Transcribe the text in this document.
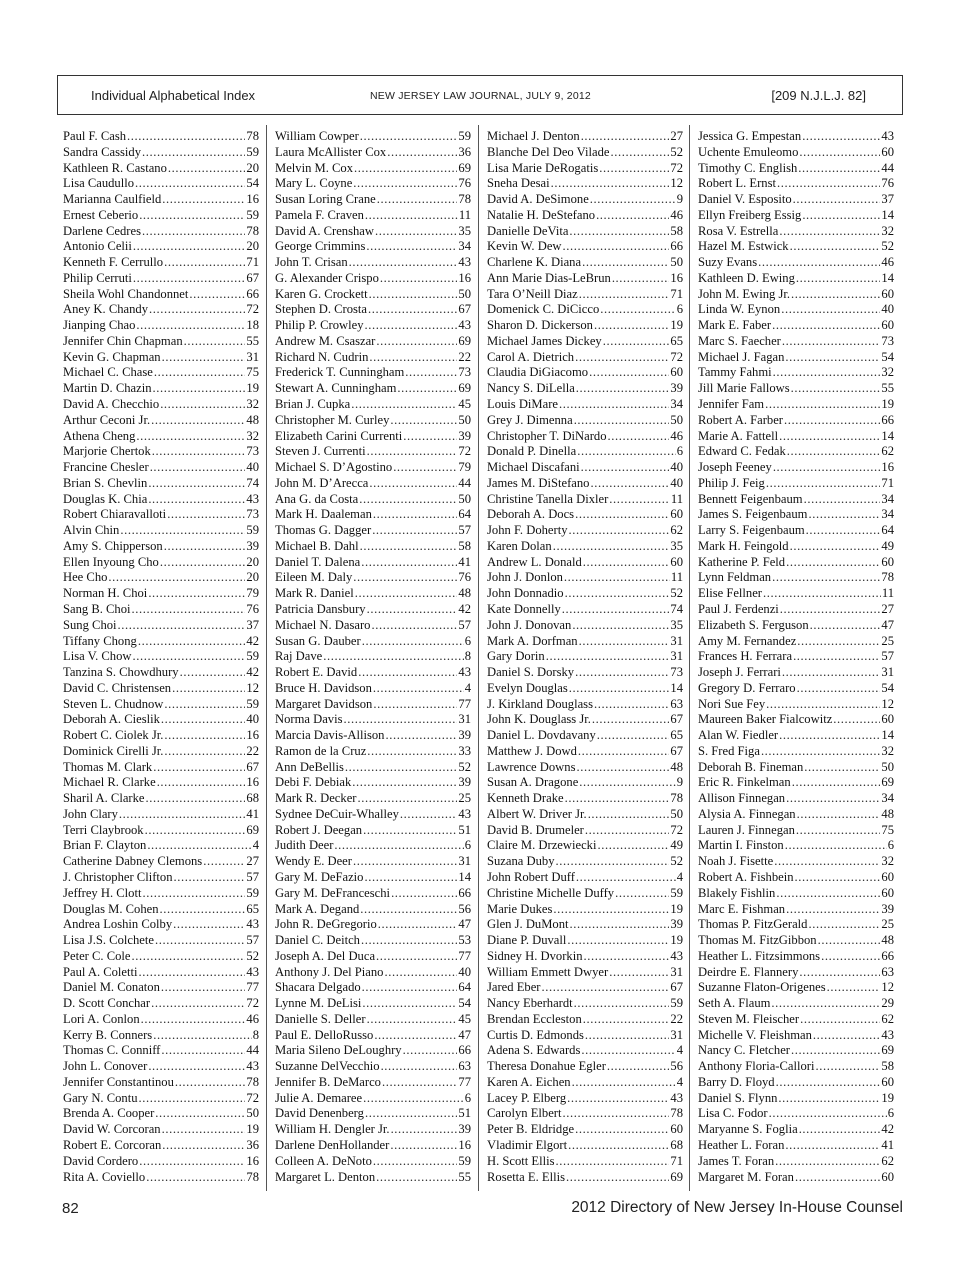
Individual Alphabetical Index	NEW JERSEY LAW JOURNAL, JULY 9, 2012	[209 N.J.L.J. 82]
Paul F. Cash .....	78
Sandra Cassidy .....	59
Kathleen R. Castano .....	20
Lisa Caudullo .....	54
Marianna Caulfield .....	16
Ernest Ceberio .....	59
Darlene Cedres .....	78
Antonio Celii .....	20
Kenneth F. Cerrullo .....	71
Philip Cerruti .....	67
Sheila Wohl Chandonnet .....	66
Aney K. Chandy .....	72
Jianping Chao .....	18
Jennifer Chin Chapman .....	55
Kevin G. Chapman .....	31
Michael C. Chase .....	75
Martin D. Chazin .....	19
David A. Checchio .....	32
Arthur Ceconi Jr. .....	48
Athena Cheng .....	32
Marjorie Chertok .....	73
Francine Chesler .....	40
Brian S. Chevlin .....	74
Douglas K. Chia .....	43
Robert Chiaravalloti .....	73
Alvin Chin .....	59
Amy S. Chipperson .....	39
Ellen Inyoung Cho .....	20
Hee Cho .....	20
Norman H. Choi .....	79
Sang B. Choi .....	76
Sung Choi .....	37
Tiffany Chong .....	42
Lisa V. Chow .....	59
Tanzina S. Chowdhury .....	42
David C. Christensen .....	12
Steven L. Chudnow .....	59
Deborah A. Cieslik .....	40
Robert C. Ciolek Jr. .....	16
Dominick Cirelli Jr. .....	22
Thomas M. Clark .....	67
Michael R. Clarke .....	16
Sharil A. Clarke .....	68
John Clary .....	41
Terri Claybrook .....	69
Brian F. Clayton .....	4
Catherine Dabney Clemons .....	27
J. Christopher Clifton .....	57
Jeffrey H. Clott .....	59
Douglas M. Cohen .....	65
Andrea Loshin Colby .....	43
Lisa J.S. Colchete .....	57
Peter C. Cole .....	52
Paul A. Coletti .....	43
Daniel M. Conaton .....	77
D. Scott Conchar .....	72
Lori A. Conlon .....	46
Kerry B. Conners .....	8
Thomas C. Conniff .....	44
John L. Conover .....	43
Jennifer Constantinou .....	78
Gary N. Contu .....	72
Brenda A. Cooper .....	50
David W. Corcoran .....	19
Robert E. Corcoran .....	36
David Cordero .....	16
Rita A. Coviello .....	78
William Cowper .....	59
Laura McAllister Cox .....	36
Melvin M. Cox .....	69
Mary L. Coyne .....	76
Susan Loring Crane .....	78
Pamela F. Craven .....	11
David A. Crenshaw .....	35
George Crimmins .....	34
John T. Crisan .....	43
G. Alexander Crispo .....	16
Karen G. Crockett .....	50
Stephen D. Crosta .....	67
Philip P. Crowley .....	43
Andrew M. Csaszar .....	69
Richard N. Cudrin .....	22
Frederick T. Cunningham .....	73
Stewart A. Cunningham .....	69
Brian J. Cupka .....	45
Christopher M. Curley .....	50
Elizabeth Carini Currenti .....	39
Steven J. Currenti .....	72
Michael S. D’Agostino .....	79
John M. D’Arecca .....	44
Ana G. da Costa .....	50
Mark H. Daaleman .....	64
Thomas G. Dagger .....	57
Michael B. Dahl .....	58
Daniel T. Dalena .....	41
Eileen M. Daly .....	76
Mark R. Daniel .....	48
Patricia Dansbury .....	42
Michael N. Dasaro .....	57
Susan G. Dauber .....	6
Raj Dave .....	8
Robert E. David .....	43
Bruce H. Davidson .....	4
Margaret Davidson .....	77
Norma Davis .....	31
Marcia Davis-Allison .....	39
Ramon de la Cruz .....	33
Ann DeBellis .....	52
Debi F. Debiak .....	39
Mark R. Decker .....	25
Sydnee DeCuir-Whalley .....	43
Robert J. Deegan .....	51
Judith Deer .....	6
Wendy E. Deer .....	31
Gary M. DeFazio .....	14
Gary M. DeFranceschi .....	66
Mark A. Degand .....	56
John R. DeGregorio .....	47
Daniel C. Deitch .....	53
Joseph A. Del Duca .....	77
Anthony J. Del Piano .....	40
Shacara Delgado .....	64
Lynne M. DeLisi .....	54
Danielle S. Deller .....	45
Paul E. DelloRusso .....	47
Maria Sileno DeLoughry .....	66
Suzanne DelVecchio .....	63
Jennifer B. DeMarco .....	77
Julie A. Demaree .....	6
David Denenberg .....	51
William H. Dengler Jr. .....	39
Darlene DenHollander .....	16
Colleen A. DeNoto .....	59
Margaret L. Denton .....	55
Michael J. Denton .....	27
Blanche Del Deo Vilade .....	52
Lisa Marie DeRogatis .....	72
Sneha Desai .....	12
David A. DeSimone .....	9
Natalie H. DeStefano .....	46
Danielle DeVita .....	58
Kevin W. Dew .....	66
Charlene K. Diana .....	50
Ann Marie Dias-LeBrun .....	16
Tara O’Neill Diaz .....	71
Domenick C. DiCicco .....	6
Sharon D. Dickerson .....	19
Michael James Dickey .....	65
Carol A. Dietrich .....	72
Claudia DiGiacomo .....	60
Nancy S. DiLella .....	39
Louis DiMare .....	34
Grey J. Dimenna .....	50
Christopher T. DiNardo .....	46
Donald P. Dinella .....	6
Michael Discafani .....	40
James M. DiStefano .....	40
Christine Tanella Dixler .....	11
Deborah A. Docs .....	60
John F. Doherty .....	62
Karen Dolan .....	35
Andrew L. Donald .....	60
John J. Donlon .....	11
John Donnadio .....	52
Kate Donnelly .....	74
John J. Donovan .....	35
Mark A. Dorfman .....	31
Gary Dorin .....	31
Daniel S. Dorsky .....	73
Evelyn Douglas .....	14
J. Kirkland Douglass .....	63
John K. Douglass Jr. .....	67
Daniel L. Dovdavany .....	65
Matthew J. Dowd .....	67
Lawrence Downs .....	48
Susan A. Dragone .....	9
Kenneth Drake .....	78
Albert W. Driver Jr. .....	50
David B. Drumeler .....	72
Claire M. Drzewiecki .....	49
Suzana Duby .....	52
John Robert Duff .....	4
Christine Michelle Duffy .....	59
Marie Dukes .....	19
Glen J. DuMont .....	39
Diane P. Duvall .....	19
Sidney H. Dvorkin .....	43
William Emmett Dwyer .....	31
Jared Eber .....	67
Nancy Eberhardt .....	59
Brendan Eccleston .....	22
Curtis D. Edmonds .....	31
Adena S. Edwards .....	4
Theresa Donahue Egler .....	56
Karen A. Eichen .....	4
Lacey P. Elberg .....	43
Carolyn Elbert .....	78
Peter B. Eldridge .....	60
Vladimir Elgort .....	68
H. Scott Ellis .....	71
Rosetta E. Ellis .....	69
Jessica G. Empestan .....	43
Uchente Emuleomo .....	60
Timothy C. English .....	44
Robert L. Ernst .....	76
Daniel V. Esposito .....	37
Ellyn Freiberg Essig .....	14
Rosa V. Estrella .....	32
Hazel M. Estwick .....	52
Suzy Evans .....	46
Kathleen D. Ewing .....	14
John M. Ewing Jr. .....	60
Linda W. Eynon .....	40
Mark E. Faber .....	60
Marc S. Faecher .....	73
Michael J. Fagan .....	54
Tammy Fahmi .....	32
Jill Marie Fallows .....	55
Jennifer Fam .....	19
Robert A. Farber .....	66
Marie A. Fattell .....	14
Edward C. Fedak .....	62
Joseph Feeney .....	16
Philip J. Feig .....	71
Bennett Feigenbaum .....	34
James S. Feigenbaum .....	34
Larry S. Feigenbaum .....	64
Mark H. Feingold .....	49
Katherine P. Feld .....	60
Lynn Feldman .....	78
Elise Fellner .....	11
Paul J. Ferdenzi .....	27
Elizabeth S. Ferguson .....	47
Amy M. Fernandez .....	25
Frances H. Ferrara .....	57
Joseph J. Ferrari .....	31
Gregory D. Ferraro .....	54
Nori Sue Fey .....	12
Maureen Baker Fialcowitz .....	60
Alan W. Fiedler .....	14
S. Fred Figa .....	32
Deborah B. Fineman .....	50
Eric R. Finkelman .....	69
Allison Finnegan .....	34
Alysia A. Finnegan .....	48
Lauren J. Finnegan .....	75
Martin I. Finston .....	6
Noah J. Fisette .....	32
Robert A. Fishbein .....	60
Blakely Fishlin .....	60
Marc E. Fishman .....	39
Thomas P. FitzGerald .....	25
Thomas M. FitzGibbon .....	48
Heather L. Fitzsimmons .....	66
Deirdre E. Flannery .....	63
Suzanne Flaton-Origenes .....	12
Seth A. Flaum .....	29
Steven M. Fleischer .....	62
Michelle V. Fleishman .....	43
Nancy C. Fletcher .....	69
Anthony Floria-Callori .....	58
Barry D. Floyd .....	60
Daniel S. Flynn .....	19
Lisa C. Fodor .....	6
Maryanne S. Foglia .....	42
Heather L. Foran .....	41
James T. Foran .....	62
Margaret M. Foran .....	60
82	2012 Directory of New Jersey In-House Counsel
